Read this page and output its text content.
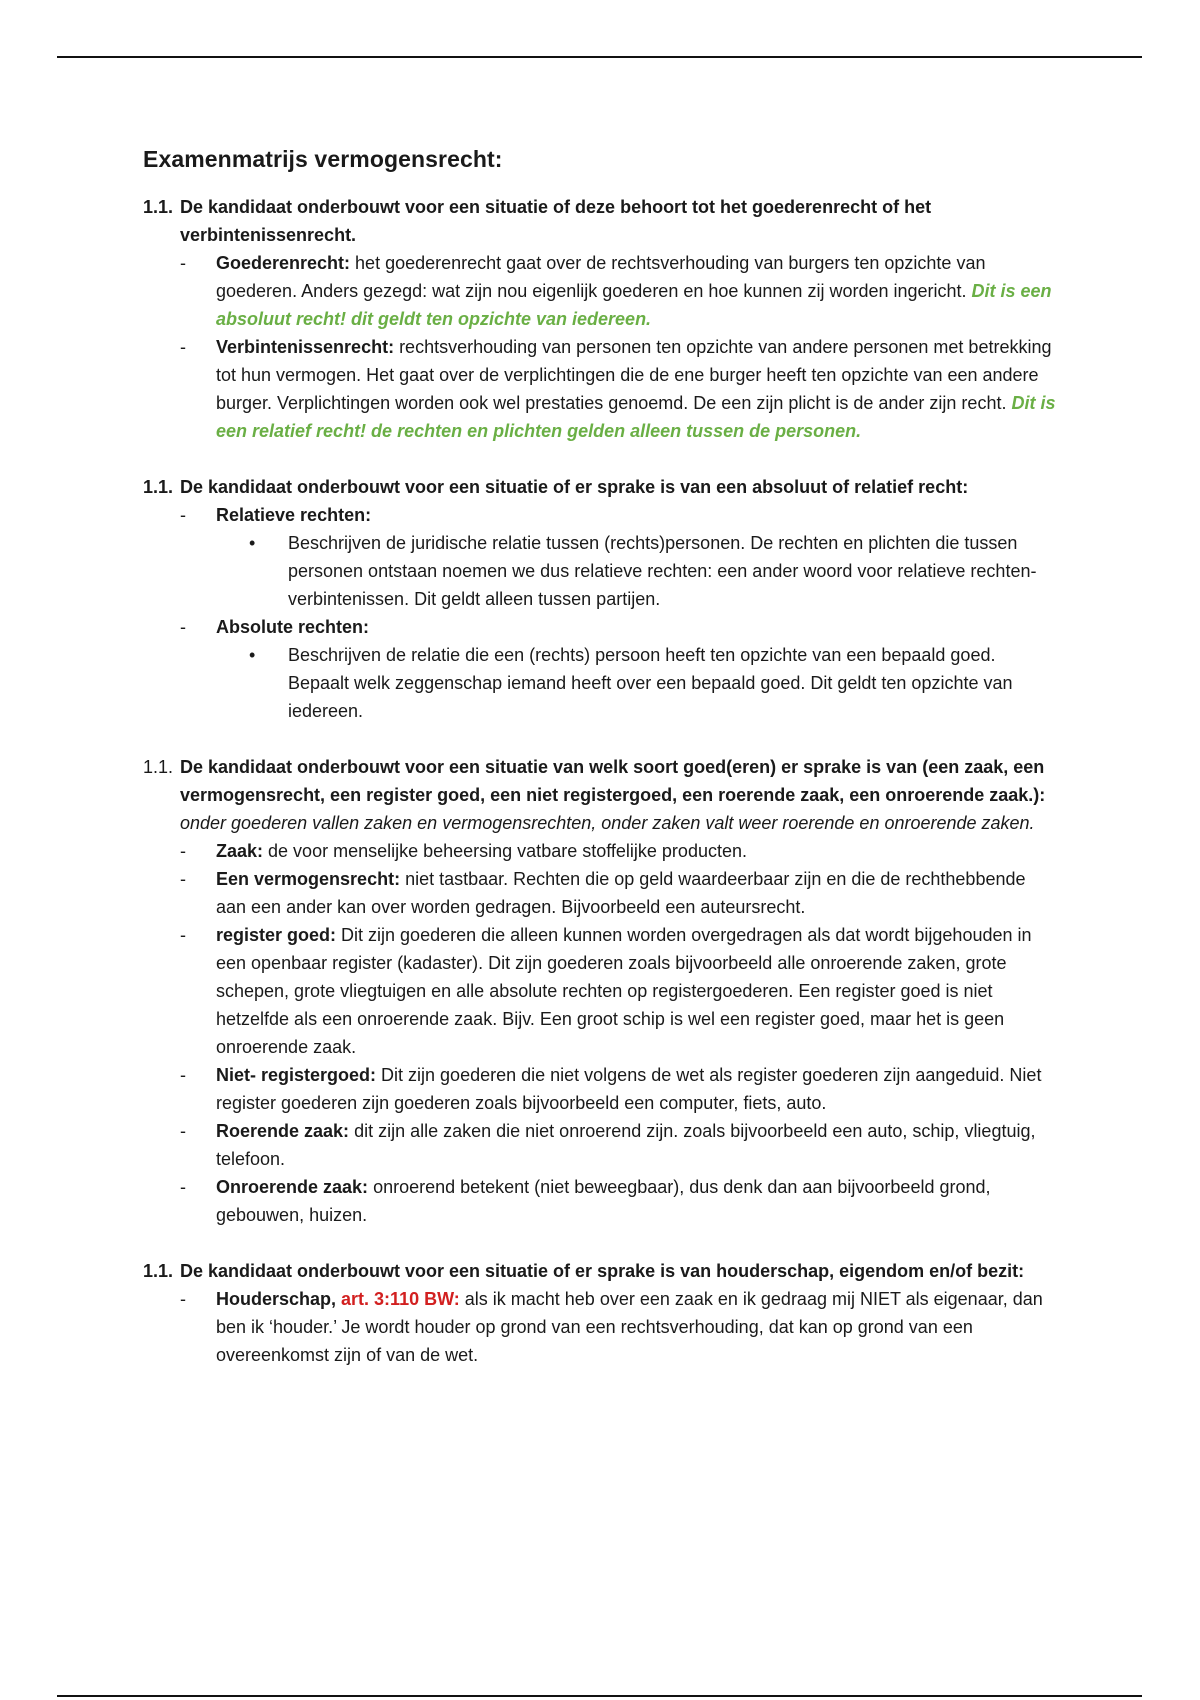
Examenmatrijs vermogensrecht:
1.1. De kandidaat onderbouwt voor een situatie of deze behoort tot het goederenrecht of het verbintenissenrecht.
- Goederenrecht: het goederenrecht gaat over de rechtsverhouding van burgers ten opzichte van goederen. Anders gezegd: wat zijn nou eigenlijk goederen en hoe kunnen zij worden ingericht. Dit is een absoluut recht! dit geldt ten opzichte van iedereen.
- Verbintenissenrecht: rechtsverhouding van personen ten opzichte van andere personen met betrekking tot hun vermogen. Het gaat over de verplichtingen die de ene burger heeft ten opzichte van een andere burger. Verplichtingen worden ook wel prestaties genoemd. De een zijn plicht is de ander zijn recht. Dit is een relatief recht! de rechten en plichten gelden alleen tussen de personen.
1.1. De kandidaat onderbouwt voor een situatie of er sprake is van een absoluut of relatief recht:
- Relatieve rechten:
• Beschrijven de juridische relatie tussen (rechts)personen. De rechten en plichten die tussen personen ontstaan noemen we dus relatieve rechten: een ander woord voor relatieve rechten- verbintenissen. Dit geldt alleen tussen partijen.
- Absolute rechten:
• Beschrijven de relatie die een (rechts) persoon heeft ten opzichte van een bepaald goed. Bepaalt welk zeggenschap iemand heeft over een bepaald goed. Dit geldt ten opzichte van iedereen.
1.1. De kandidaat onderbouwt voor een situatie van welk soort goed(eren) er sprake is van (een zaak, een vermogensrecht, een register goed, een niet registergoed, een roerende zaak, een onroerende zaak.): onder goederen vallen zaken en vermogensrechten, onder zaken valt weer roerende en onroerende zaken.
- Zaak: de voor menselijke beheersing vatbare stoffelijke producten.
- Een vermogensrecht: niet tastbaar. Rechten die op geld waardeerbaar zijn en die de rechthebbende aan een ander kan over worden gedragen. Bijvoorbeeld een auteursrecht.
- register goed: Dit zijn goederen die alleen kunnen worden overgedragen als dat wordt bijgehouden in een openbaar register (kadaster). Dit zijn goederen zoals bijvoorbeeld alle onroerende zaken, grote schepen, grote vliegtuigen en alle absolute rechten op registergoederen. Een register goed is niet hetzelfde als een onroerende zaak. Bijv. Een groot schip is wel een register goed, maar het is geen onroerende zaak.
- Niet- registergoed: Dit zijn goederen die niet volgens de wet als register goederen zijn aangeduid. Niet register goederen zijn goederen zoals bijvoorbeeld een computer, fiets, auto.
- Roerende zaak: dit zijn alle zaken die niet onroerend zijn. zoals bijvoorbeeld een auto, schip, vliegtuig, telefoon.
- Onroerende zaak: onroerend betekent (niet beweegbaar), dus denk dan aan bijvoorbeeld grond, gebouwen, huizen.
1.1. De kandidaat onderbouwt voor een situatie of er sprake is van houderschap, eigendom en/of bezit:
- Houderschap, art. 3:110 BW: als ik macht heb over een zaak en ik gedraag mij NIET als eigenaar, dan ben ik ‘houder.’ Je wordt houder op grond van een rechtsverhouding, dat kan op grond van een overeenkomst zijn of van de wet.
